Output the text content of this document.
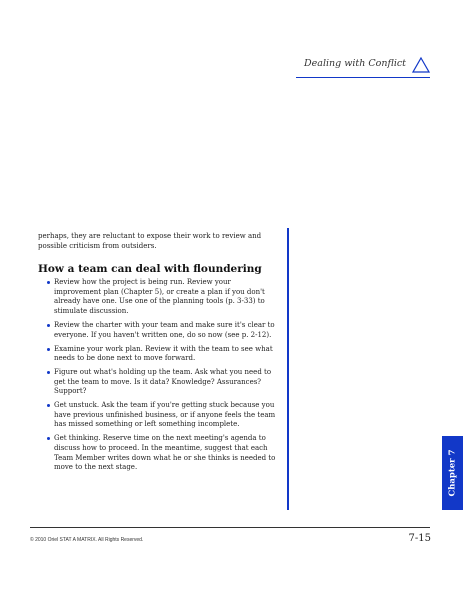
Dealing with Conflict

perhaps, they are reluctant to expose their work to review and possible criticism from outsiders.

How a team can deal with floundering
Review how the project is being run. Review your improvement plan (Chapter 5), or create a plan if you don't already have one. Use one of the planning tools (p. 3-33) to stimulate discussion.
Review the charter with your team and make sure it's clear to everyone. If you haven't written one, do so now (see p. 2-12).
Examine your work plan. Review it with the team to see what needs to be done next to move forward.
Figure out what's holding up the team. Ask what you need to get the team to move. Is it data? Knowledge? Assurances? Support?
Get unstuck. Ask the team if you're getting stuck because you have previous unfinished business, or if anyone feels the team has missed something or left something incomplete.
Get thinking. Reserve time on the next meeting's agenda to discuss how to proceed. In the meantime, suggest that each Team Member writes down what he or she thinks is needed to move to the next stage.	Chapter 7
© 2010 Oriel STAT A MATRIX. All Rights Reserved.	7-15
